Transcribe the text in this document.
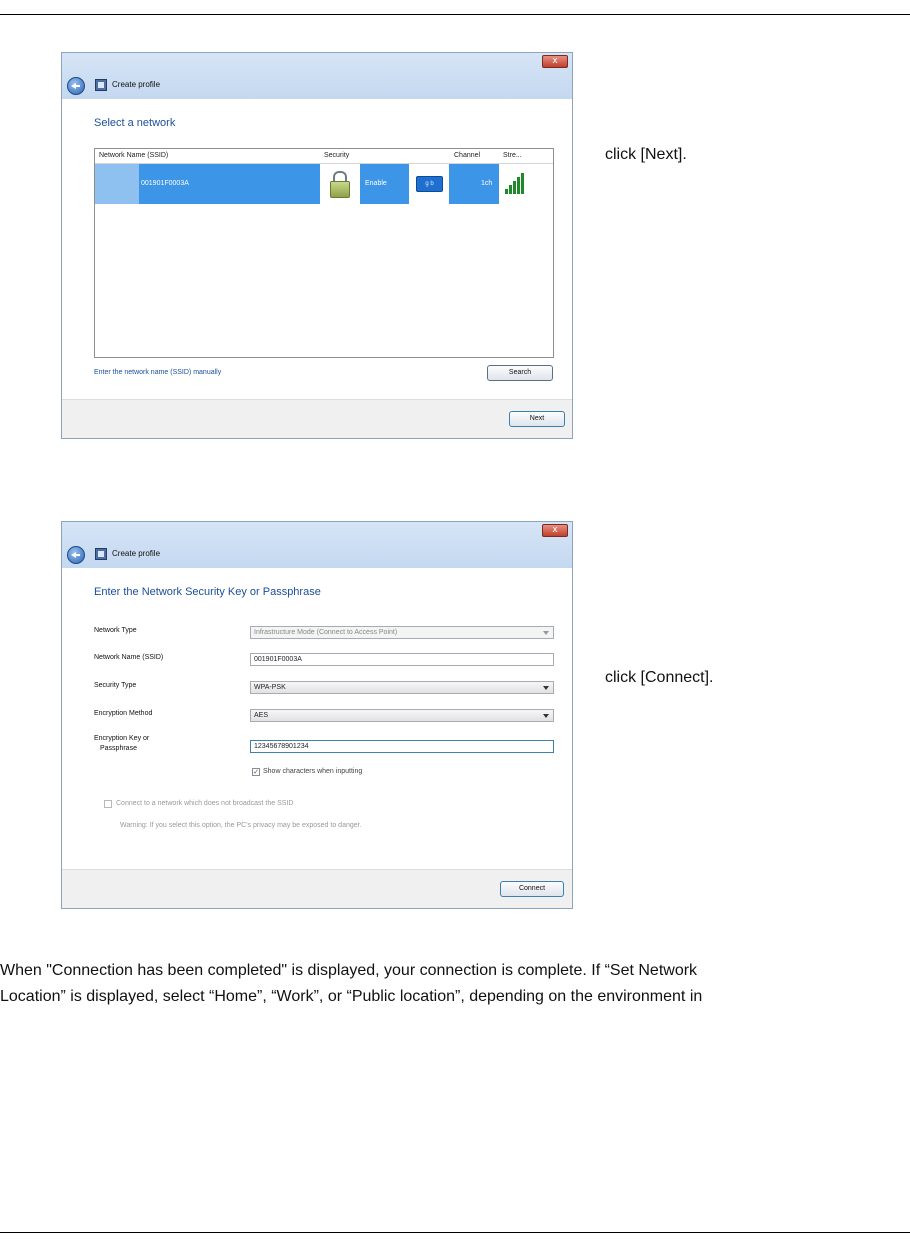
x
Create profile
Select a network
Network Name (SSID)	Security	Channel	Stre...
001901F0003A	Enable	g b	1ch
Enter the network name (SSID) manually	Search
Next
click [Next].
x
Create profile
Enter the Network Security Key or Passphrase
Network Type	Infrastructure Mode (Connect to Access Point)
Network Name (SSID)	001901F0003A
Security Type	WPA-PSK
Encryption Method	AES
Encryption Key or
Passphrase	12345678901234
✓ Show characters when inputting
Connect to a network which does not broadcast the SSID
Warning: If you select this option, the PC's privacy may be exposed to danger.
Connect
click [Connect].
When "Connection has been completed" is displayed, your connection is complete. If “Set Network
Location” is displayed, select “Home”, “Work”, or “Public location”, depending on the environment in
